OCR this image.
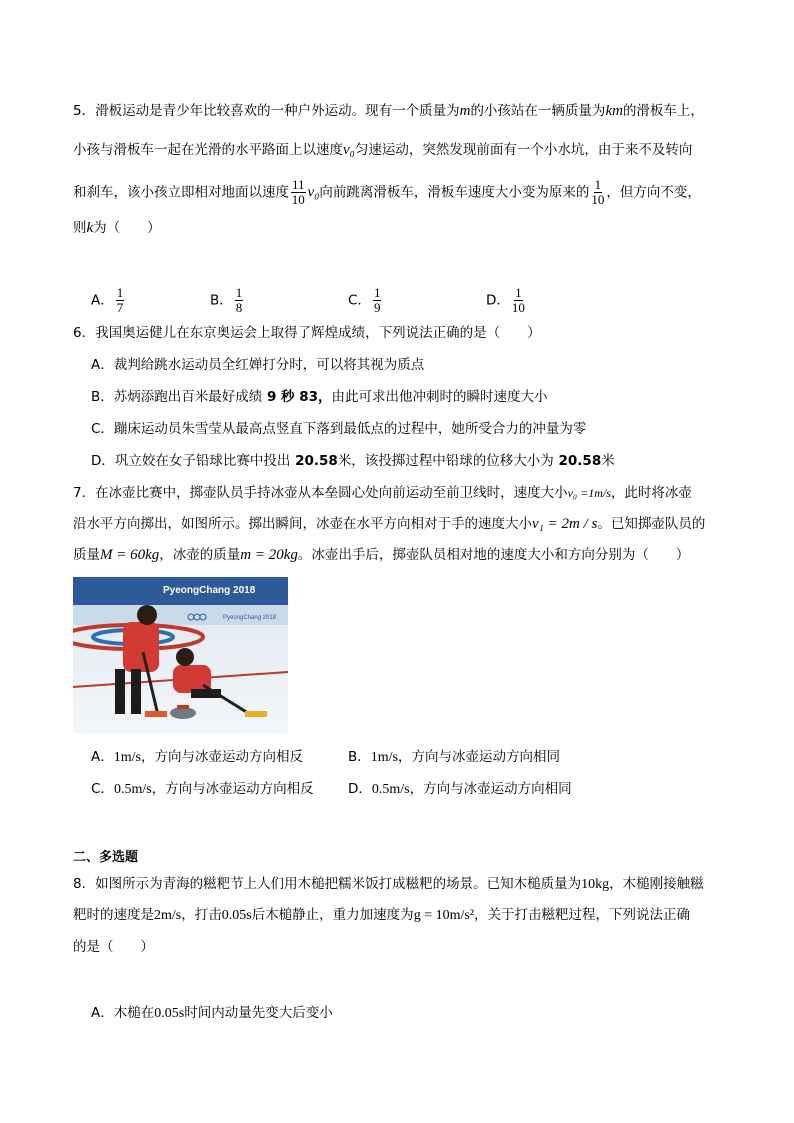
5．滑板运动是青少年比较喜欢的一种户外运动。现有一个质量为m的小孩站在一辆质量为km的滑板车上，
小孩与滑板车一起在光滑的水平路面上以速度v₀匀速运动，突然发现前面有一个小水坑，由于来不及转向
和刹车，该小孩立即相对地面以速度 $\frac{11}{10} v_0$向前跳离滑板车，滑板车速度大小变为原来的 $\frac{1}{10}$ ，但方向不变，
则k为（　　）
A． $\frac{1}{7}$	B． $\frac{1}{8}$	C． $\frac{1}{9}$	D． $\frac{1}{10}$
6．我国奥运健儿在东京奥运会上取得了辉煌成绩，下列说法正确的是（　　）
A．裁判给跳水运动员全红婵打分时，可以将其视为质点
B．苏炳添跑出百米最好成绩 9 秒 83，由此可求出他冲刺时的瞬时速度大小
C．蹦床运动员朱雪莹从最高点竖直下落到最低点的过程中，她所受合力的冲量为零
D．巩立姣在女子铅球比赛中投出 20.58米，该投掷过程中铅球的位移大小为 20.58米
7．在冰壶比赛中，掷壶队员手持冰壶从本垒圆心处向前运动至前卫线时，速度大小v₀ =1m/s，此时将冰壶
沿水平方向掷出，如图所示。掷出瞬间，冰壶在水平方向相对于手的速度大小v₁ = 2m / s。已知掷壶队员的
质量M = 60kg，冰壶的质量m = 20kg。冰壶出手后，掷壶队员相对地的速度大小和方向分别为（　　）
PyeongChang 2018
PyeongChang 2018
A．1m/s，方向与冰壶运动方向相反	B．1m/s，方向与冰壶运动方向相同
C．0.5m/s，方向与冰壶运动方向相反	D．0.5m/s，方向与冰壶运动方向相同
二、多选题
8．如图所示为青海的糍粑节上人们用木槌把糯米饭打成糍粑的场景。已知木槌质量为10kg，木槌刚接触糍
粑时的速度是2m/s，打击0.05s后木槌静止，重力加速度为g = 10m/s²，关于打击糍粑过程，下列说法正确
的是（　　）
A．木槌在0.05s时间内动量先变大后变小
